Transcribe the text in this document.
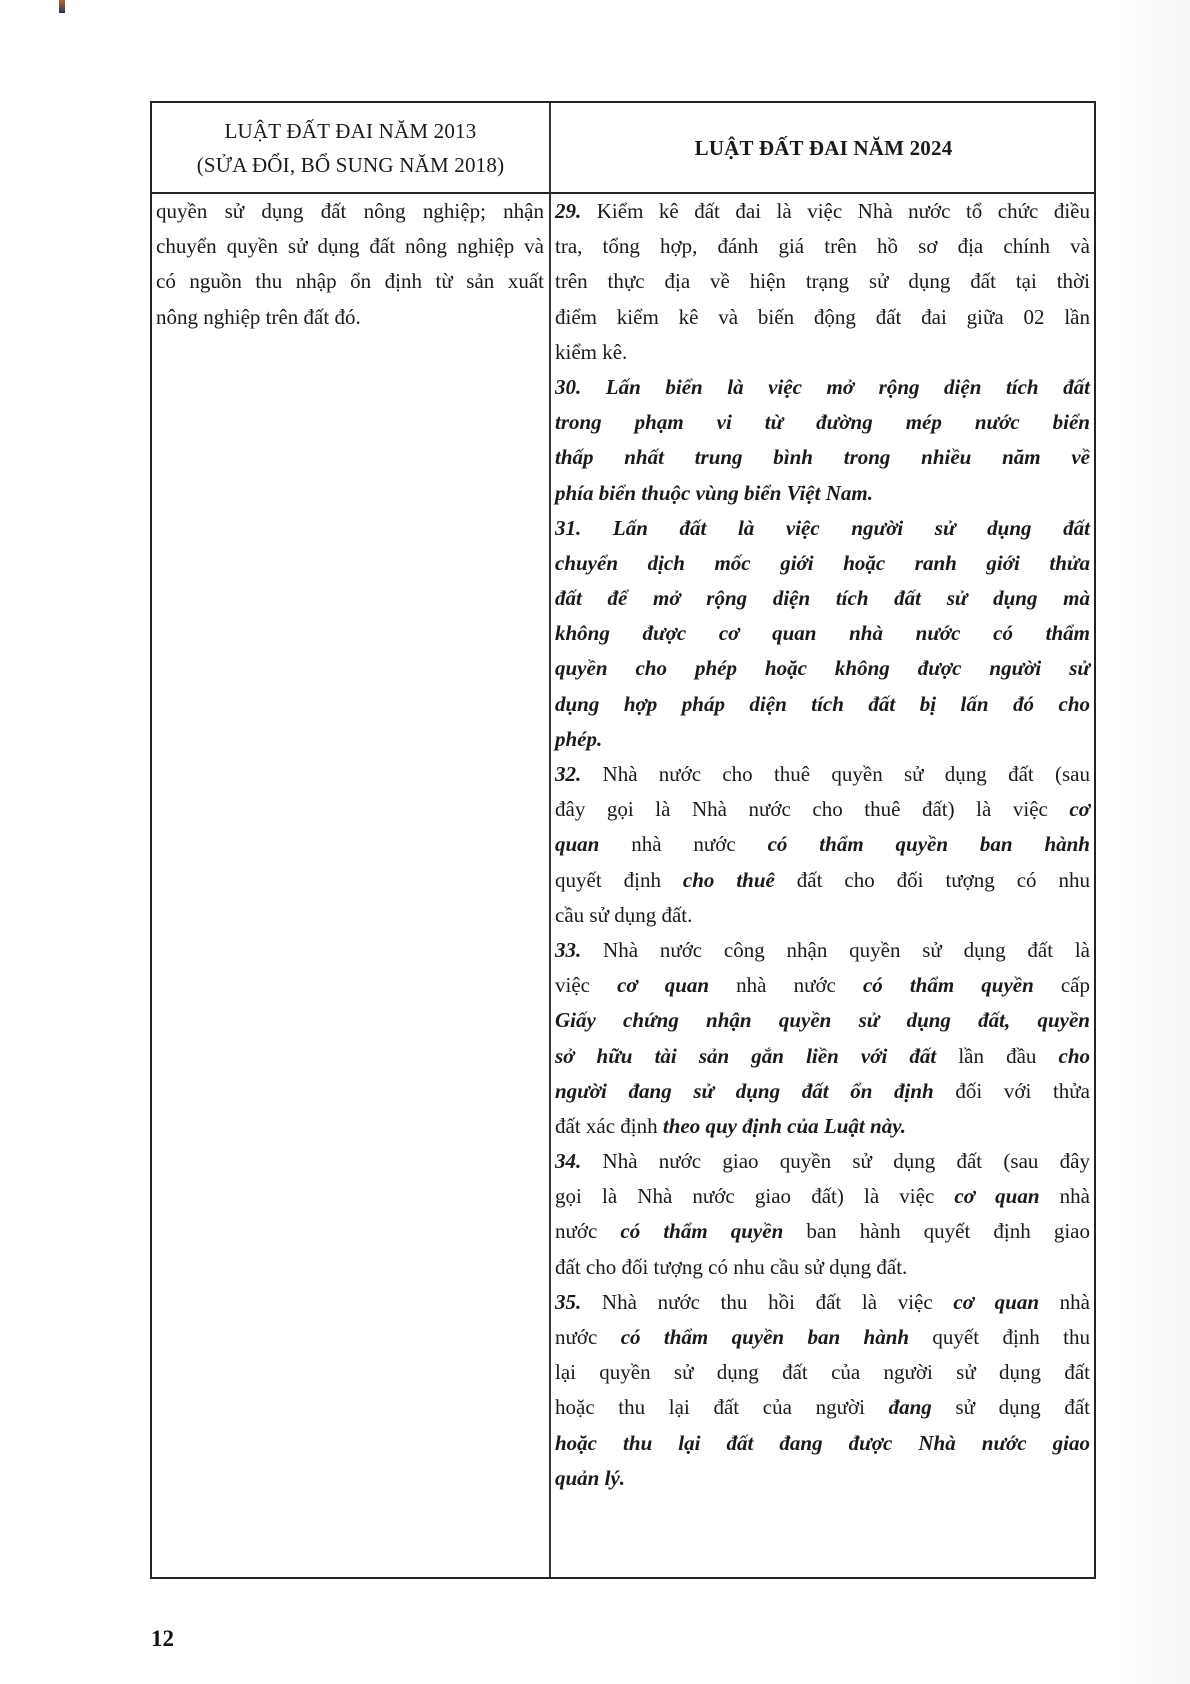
LUẬT ĐẤT ĐAI NĂM 2013
(SỬA ĐỔI, BỔ SUNG NĂM 2018)
LUẬT ĐẤT ĐAI NĂM 2024
quyền sử dụng đất nông nghiệp; nhận
chuyển quyền sử dụng đất nông nghiệp và
có nguồn thu nhập ổn định từ sản xuất
nông nghiệp trên đất đó.
29. Kiểm kê đất đai là việc Nhà nước tổ chức điều
tra, tổng hợp, đánh giá trên hồ sơ địa chính và
trên thực địa về hiện trạng sử dụng đất tại thời
điểm kiểm kê và biến động đất đai giữa 02 lần
kiểm kê.
30. Lấn biển là việc mở rộng diện tích đất
trong phạm vi từ đường mép nước biển
thấp nhất trung bình trong nhiều năm về
phía biển thuộc vùng biển Việt Nam.
31. Lấn đất là việc người sử dụng đất
chuyển dịch mốc giới hoặc ranh giới thửa
đất để mở rộng diện tích đất sử dụng mà
không được cơ quan nhà nước có thẩm
quyền cho phép hoặc không được người sử
dụng hợp pháp diện tích đất bị lấn đó cho
phép.
32. Nhà nước cho thuê quyền sử dụng đất (sau
đây gọi là Nhà nước cho thuê đất) là việc cơ
quan nhà nước có thẩm quyền ban hành
quyết định cho thuê đất cho đối tượng có nhu
cầu sử dụng đất.
33. Nhà nước công nhận quyền sử dụng đất là
việc cơ quan nhà nước có thẩm quyền cấp
Giấy chứng nhận quyền sử dụng đất, quyền
sở hữu tài sản gắn liền với đất lần đầu cho
người đang sử dụng đất ổn định đối với thửa
đất xác định theo quy định của Luật này.
34. Nhà nước giao quyền sử dụng đất (sau đây
gọi là Nhà nước giao đất) là việc cơ quan nhà
nước có thẩm quyền ban hành quyết định giao
đất cho đối tượng có nhu cầu sử dụng đất.
35. Nhà nước thu hồi đất là việc cơ quan nhà
nước có thẩm quyền ban hành quyết định thu
lại quyền sử dụng đất của người sử dụng đất
hoặc thu lại đất của người đang sử dụng đất
hoặc thu lại đất đang được Nhà nước giao
quản lý.
12
